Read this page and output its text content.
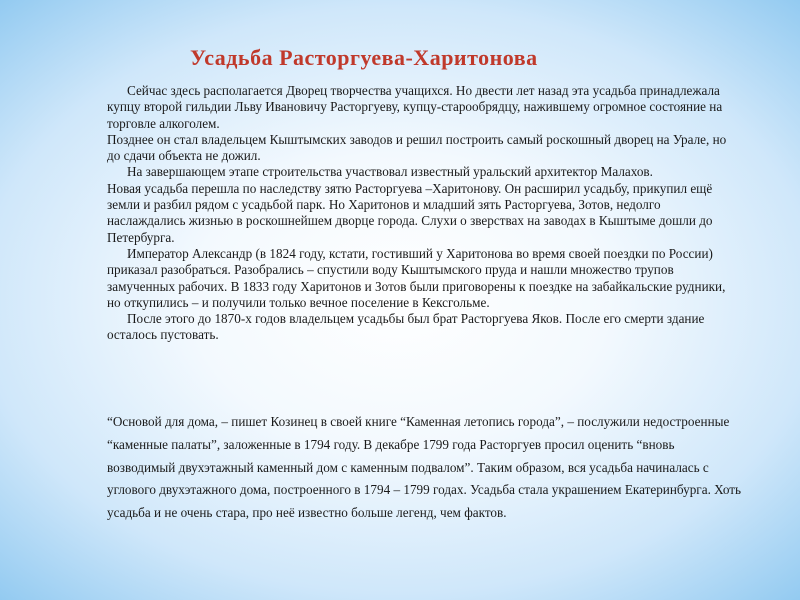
Усадьба Расторгуева-Харитонова

Сейчас здесь располагается Дворец творчества учащихся. Но двести лет назад эта усадьба принадлежала купцу второй гильдии Льву Ивановичу Расторгуеву, купцу-старообрядцу, нажившему огромное состояние на торговле алкоголем.

Позднее он стал владельцем Кыштымских заводов и решил построить самый роскошный дворец на Урале, но до сдачи объекта не дожил.

На завершающем этапе строительства участвовал известный уральский архитектор Малахов.

Новая усадьба перешла по наследству зятю Расторгуева –Харитонову. Он расширил усадьбу, прикупил ещё земли и разбил рядом с усадьбой парк. Но Харитонов и младший зять Расторгуева, Зотов, недолго наслаждались жизнью в роскошнейшем дворце города. Слухи о зверствах на заводах в Кыштыме дошли до Петербурга.

Император Александр (в 1824 году, кстати, гостивший у Харитонова во время своей поездки по России) приказал разобраться. Разобрались – спустили воду Кыштымского пруда и нашли множество трупов замученных рабочих. В 1833 году Харитонов и Зотов были приговорены к поездке на забайкальские рудники, но откупились – и получили только вечное поселение в Кексгольме.

После этого до 1870-х годов владельцем усадьбы был брат Расторгуева Яков. После его смерти здание осталось пустовать.

“Основой для дома, – пишет Козинец в своей книге “Каменная летопись города”, – послужили недостроенные “каменные палаты”, заложенные в 1794 году. В декабре 1799 года Расторгуев просил оценить “вновь возводимый двухэтажный каменный дом с каменным подвалом”. Таким образом, вся усадьба начиналась с углового двухэтажного дома, построенного в 1794 – 1799 годах. Усадьба стала украшением Екатеринбурга. Хоть усадьба и не очень стара, про неё известно больше легенд, чем фактов.
